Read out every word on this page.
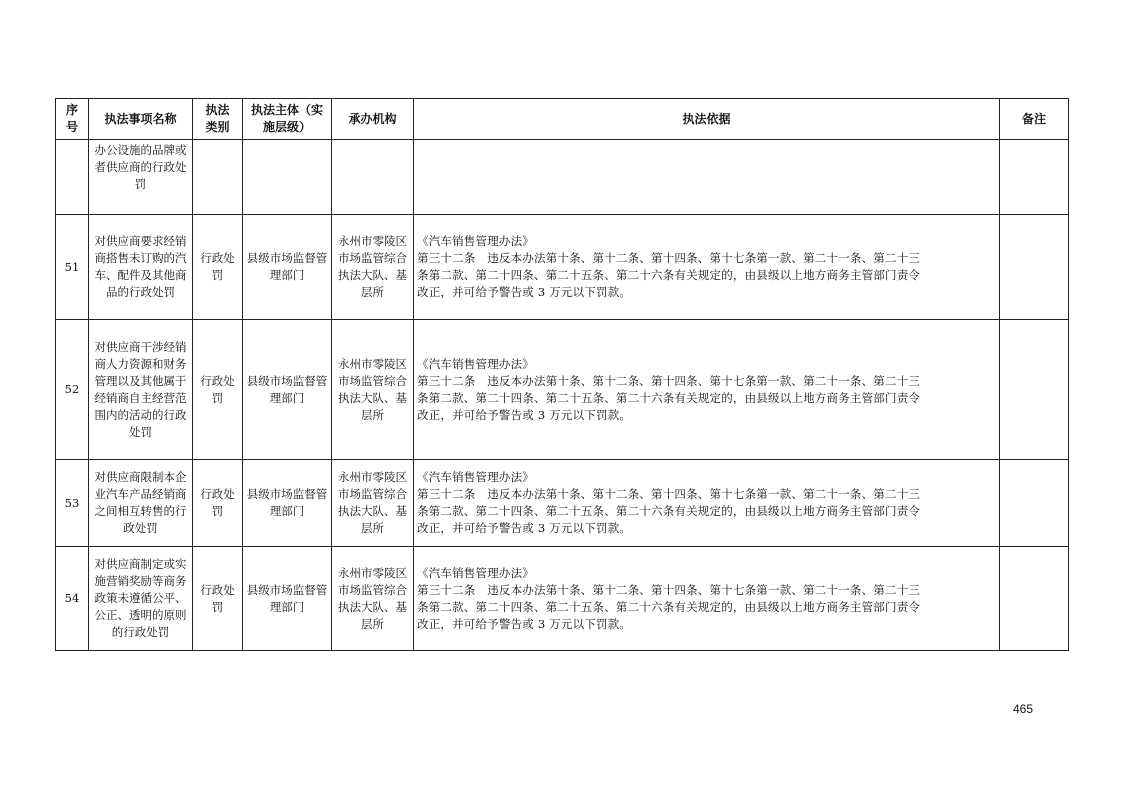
序号	执法事项名称	执法类别	执法主体（实施层级）	承办机构	执法依据	备注
	办公设施的品牌或者供应商的行政处罚				

51	对供应商要求经销商搭售未订购的汽车、配件及其他商品的行政处罚	行政处罚	县级市场监督管理部门	永州市零陵区市场监管综合执法大队、基层所	《汽车销售管理办法》
第三十二条　违反本办法第十条、第十二条、第十四条、第十七条第一款、第二十一条、第二十三
条第二款、第二十四条、第二十五条、第二十六条有关规定的，由县级以上地方商务主管部门责令
改正，并可给予警告或 3 万元以下罚款。	

52	对供应商干涉经销商人力资源和财务管理以及其他属于经销商自主经营范围内的活动的行政处罚	行政处罚	县级市场监督管理部门	永州市零陵区市场监管综合执法大队、基层所	《汽车销售管理办法》
第三十二条　违反本办法第十条、第十二条、第十四条、第十七条第一款、第二十一条、第二十三
条第二款、第二十四条、第二十五条、第二十六条有关规定的，由县级以上地方商务主管部门责令
改正，并可给予警告或 3 万元以下罚款。	

53	对供应商限制本企业汽车产品经销商之间相互转售的行政处罚	行政处罚	县级市场监督管理部门	永州市零陵区市场监管综合执法大队、基层所	《汽车销售管理办法》
第三十二条　违反本办法第十条、第十二条、第十四条、第十七条第一款、第二十一条、第二十三
条第二款、第二十四条、第二十五条、第二十六条有关规定的，由县级以上地方商务主管部门责令
改正，并可给予警告或 3 万元以下罚款。	

54	对供应商制定或实施营销奖励等商务政策未遵循公平、公正、透明的原则的行政处罚	行政处罚	县级市场监督管理部门	永州市零陵区市场监管综合执法大队、基层所	《汽车销售管理办法》
第三十二条　违反本办法第十条、第十二条、第十四条、第十七条第一款、第二十一条、第二十三
条第二款、第二十四条、第二十五条、第二十六条有关规定的，由县级以上地方商务主管部门责令
改正，并可给予警告或 3 万元以下罚款。	

465
